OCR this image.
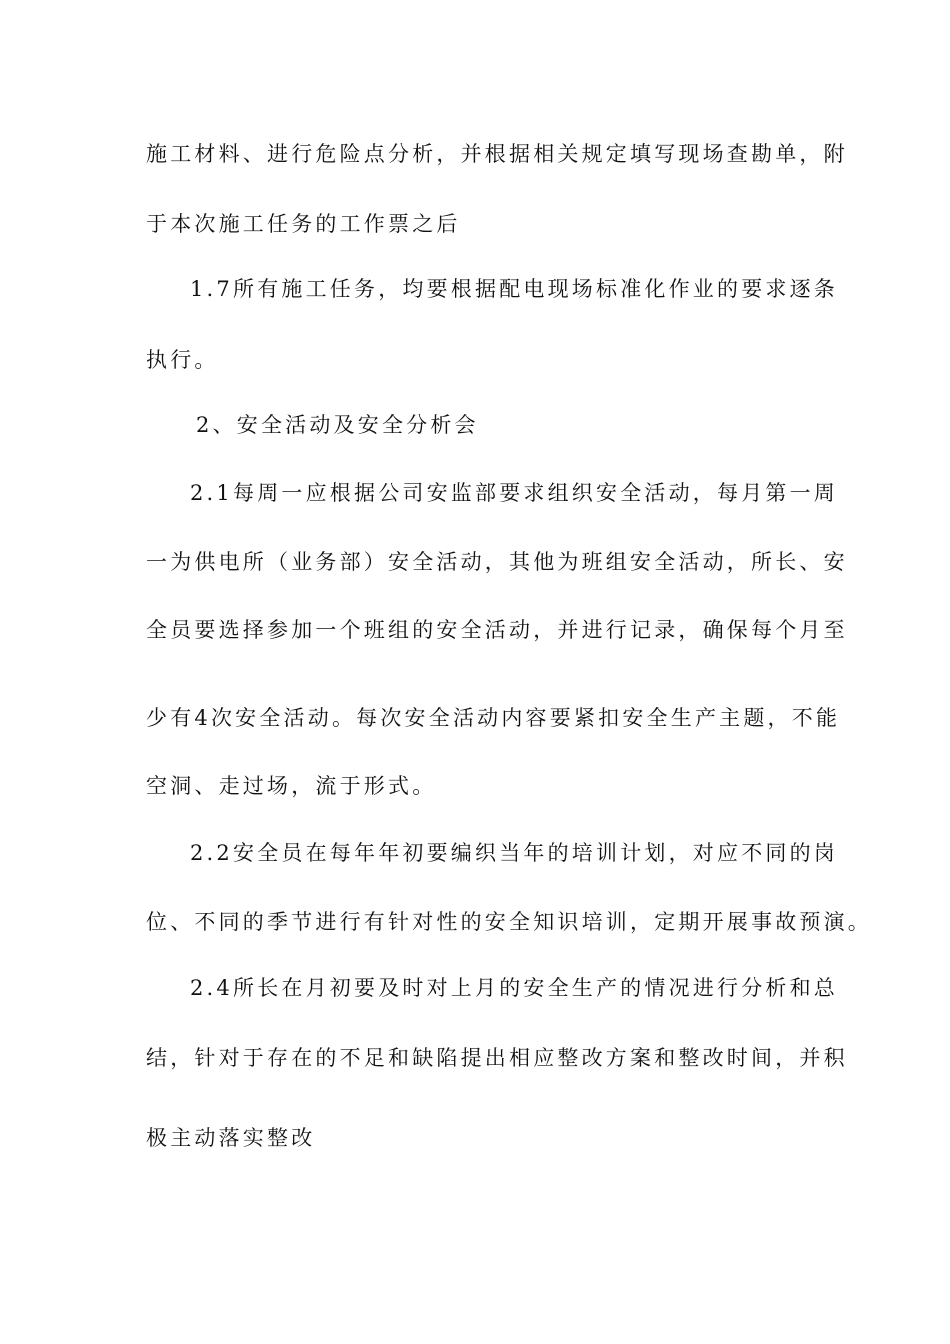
施工材料、进行危险点分析，并根据相关规定填写现场查勘单，附
于本次施工任务的工作票之后
1.7所有施工任务，均要根据配电现场标准化作业的要求逐条
执行。
2、安全活动及安全分析会
2.1每周一应根据公司安监部要求组织安全活动，每月第一周
一为供电所（业务部）安全活动，其他为班组安全活动，所长、安
全员要选择参加一个班组的安全活动，并进行记录，确保每个月至
少有4次安全活动。每次安全活动内容要紧扣安全生产主题，不能
空洞、走过场，流于形式。
2.2安全员在每年年初要编织当年的培训计划，对应不同的岗
位、不同的季节进行有针对性的安全知识培训，定期开展事故预演。
2.4所长在月初要及时对上月的安全生产的情况进行分析和总
结，针对于存在的不足和缺陷提出相应整改方案和整改时间，并积
极主动落实整改
